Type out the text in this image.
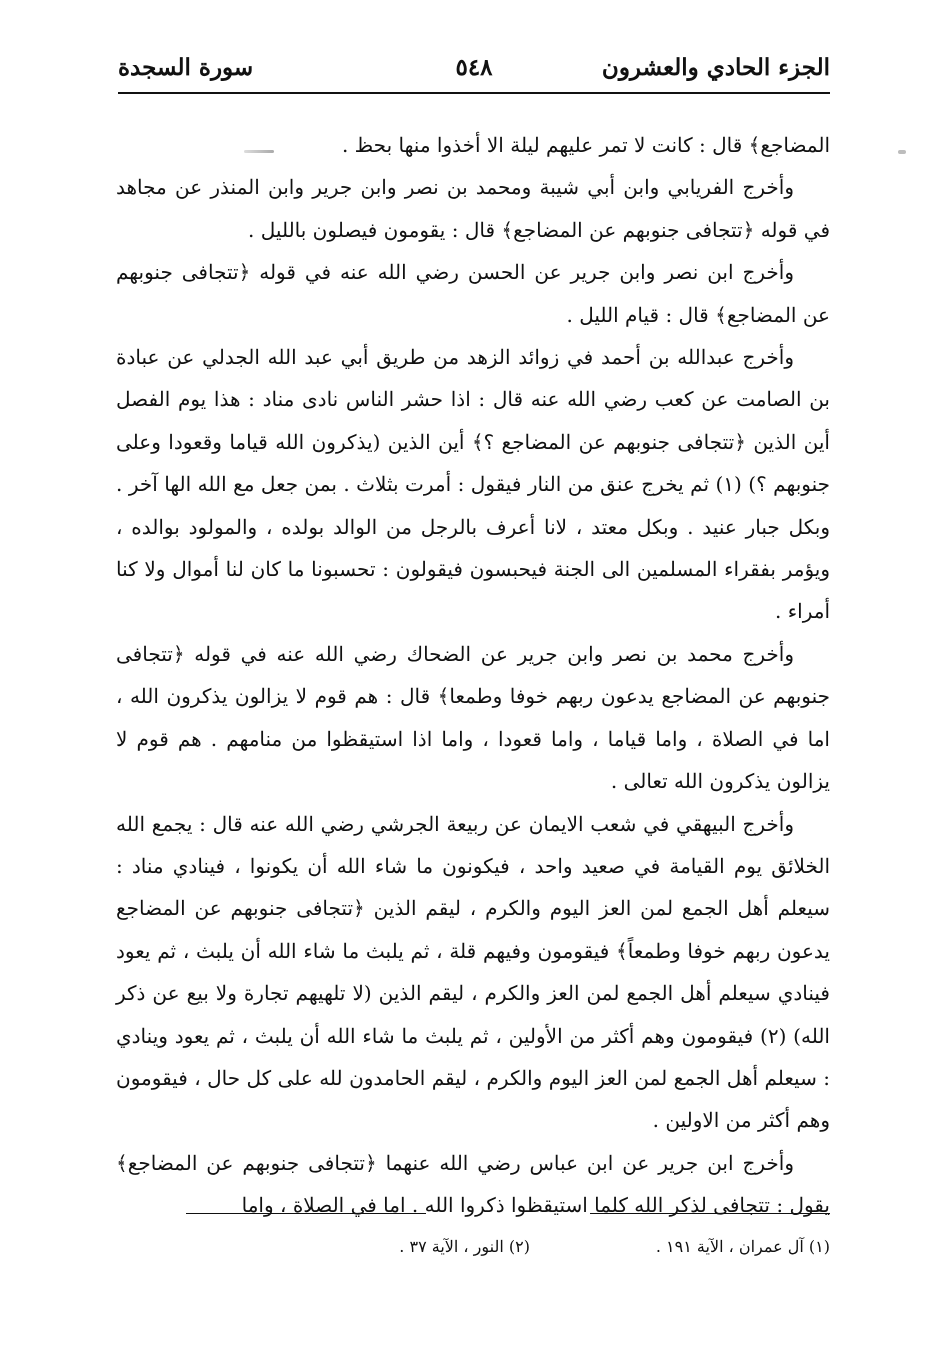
الجزء الحادي والعشرون
٥٤٨
سورة السجدة

المضاجع﴾ قال : كانت لا تمر عليهم ليلة الا أخذوا منها بحظ .

وأخرج الفريابي وابن أبي شيبة ومحمد بن نصر وابن جرير وابن المنذر عن مجاهد في قوله ﴿تتجافى جنوبهم عن المضاجع﴾ قال : يقومون فيصلون بالليل .

وأخرج ابن نصر وابن جرير عن الحسن رضي الله عنه في قوله ﴿تتجافى جنوبهم عن المضاجع﴾ قال : قيام الليل .

وأخرج عبدالله بن أحمد في زوائد الزهد من طريق أبي عبد الله الجدلي عن عبادة بن الصامت عن كعب رضي الله عنه قال : اذا حشر الناس نادى مناد : هذا يوم الفصل أين الذين ﴿تتجافى جنوبهم عن المضاجع ؟﴾ أين الذين (يذكرون الله قياما وقعودا وعلى جنوبهم ؟) (١) ثم يخرج عنق من النار فيقول : أمرت بثلاث . بمن جعل مع الله الها آخر . وبكل جبار عنيد . وبكل معتد ، لانا أعرف بالرجل من الوالد بولده ، والمولود بوالده ، ويؤمر بفقراء المسلمين الى الجنة فيحبسون فيقولون : تحسبونا ما كان لنا أموال ولا كنا أمراء .

وأخرج محمد بن نصر وابن جرير عن الضحاك رضي الله عنه في قوله ﴿تتجافى جنوبهم عن المضاجع يدعون ربهم خوفا وطمعا﴾ قال : هم قوم لا يزالون يذكرون الله ، اما في الصلاة ، واما قياما ، واما قعودا ، واما اذا استيقظوا من منامهم . هم قوم لا يزالون يذكرون الله تعالى .

وأخرج البيهقي في شعب الايمان عن ربيعة الجرشي رضي الله عنه قال : يجمع الله الخلائق يوم القيامة في صعيد واحد ، فيكونون ما شاء الله أن يكونوا ، فينادي مناد : سيعلم أهل الجمع لمن العز اليوم والكرم ، ليقم الذين ﴿تتجافى جنوبهم عن المضاجع يدعون ربهم خوفا وطمعاً﴾ فيقومون وفيهم قلة ، ثم يلبث ما شاء الله أن يلبث ، ثم يعود فينادي سيعلم أهل الجمع لمن العز والكرم ، ليقم الذين (لا تلهيهم تجارة ولا بيع عن ذكر الله) (٢) فيقومون وهم أكثر من الأولين ، ثم يلبث ما شاء الله أن يلبث ، ثم يعود وينادي : سيعلم أهل الجمع لمن العز اليوم والكرم ، ليقم الحامدون لله على كل حال ، فيقومون وهم أكثر من الاولين .

وأخرج ابن جرير عن ابن عباس رضي الله عنهما ﴿تتجافى جنوبهم عن المضاجع﴾ يقول : تتجافى لذكر الله كلما استيقظوا ذكروا الله . اما في الصلاة ، واما

(١) آل عمران ، الآية ١٩١ .
(٢) النور ، الآية ٣٧ .
